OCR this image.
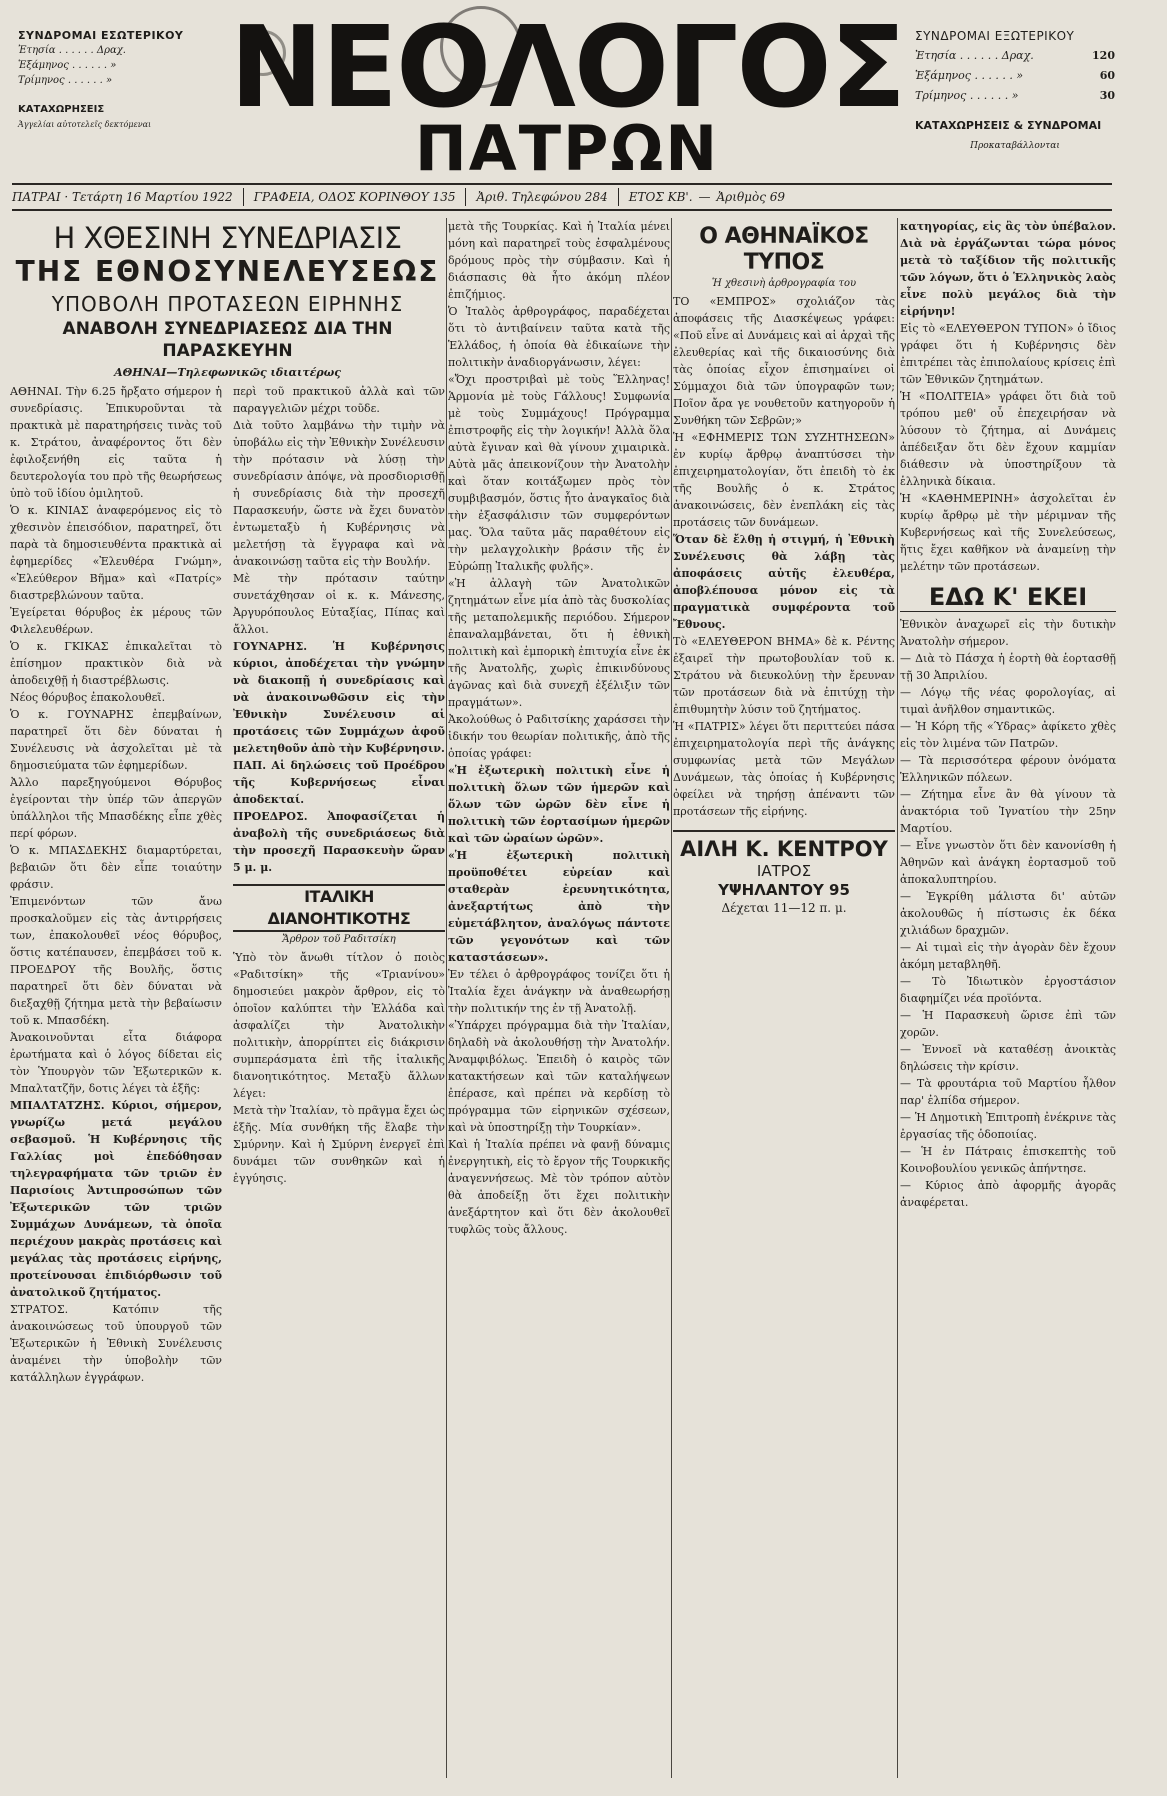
ΣΥΝΔΡΟΜΑΙ ΕΣΩΤΕΡΙΚΟΥ
Ἐτησία . . . . . . Δραχ.
Ἑξάμηνος . . . . . . »
Τρίμηνος . . . . . . »
ΚΑΤΑΧΩΡΗΣΕΙΣ
Ἀγγελίαι αὐτοτελεῖς δεκτόμεναι ΝΕΟΛΟΓΟΣ
ΠΑΤΡΩΝ
ΣΥΝΔΡΟΜΑΙ ΕΞΩΤΕΡΙΚΟΥ
Ἐτησία . . . . . . Δραχ.	120
Ἑξάμηνος . . . . . . »	60
Τρίμηνος . . . . . . »	30
ΚΑΤΑΧΩΡΗΣΕΙΣ & ΣΥΝΔΡΟΜΑΙ
Προκαταβάλλονται
ΠΑΤΡΑΙ · Τετάρτη 16 Μαρτίου 1922 ΓΡΑΦΕΙΑ, ΟΔΟΣ ΚΟΡΙΝΘΟΥ 135 Ἀριθ. Τηλεφώνου 284 ΕΤΟΣ ΚΒ'. — Ἀριθμὸς 69
Η ΧΘΕΣΙΝΗ ΣΥΝΕΔΡΙΑΣΙΣ
ΤΗΣ ΕΘΝΟΣΥΝΕΛΕΥΣΕΩΣ
ΥΠΟΒΟΛΗ ΠΡΟΤΑΣΕΩΝ ΕΙΡΗΝΗΣ
ΑΝΑΒΟΛΗ ΣΥΝΕΔΡΙΑΣΕΩΣ ΔΙΑ ΤΗΝ ΠΑΡΑΣΚΕΥΗΝ
ΑΘΗΝΑΙ—Τηλεφωνικῶς ιδιαιτέρως

ΑΘΗΝΑΙ. Τὴν 6.25 ἤρξατο σήμερον ἡ συνεδρίασις. Ἐπικυροῦνται τὰ πρακτικὰ μὲ παρατηρήσεις τινὰς τοῦ κ. Στράτου, ἀναφέροντος ὅτι δὲν ἐφιλοξενήθη εἰς ταῦτα ἡ δευτερολογία του πρὸ τῆς θεωρήσεως ὑπὸ τοῦ ἰδίου ὁμιλητοῦ.

Ὁ κ. ΚΙΝΙΑΣ ἀναφερόμενος εἰς τὸ χθεσινὸν ἐπεισόδιον, παρατηρεῖ, ὅτι παρὰ τὰ δημοσιευθέντα πρακτικὰ αἱ ἐφημερίδες «Ἐλευθέρα Γνώμη», «Ἐλεύθερον Βῆμα» καὶ «Πατρίς» διαστρεβλώνουν ταῦτα.

Ἐγείρεται θόρυβος ἐκ μέρους τῶν Φιλελευθέρων.

Ὁ κ. ΓΚΙΚΑΣ ἐπικαλεῖται τὸ ἐπίσημον πρακτικὸν διὰ νὰ ἀποδειχθῇ ἡ διαστρέβλωσις.

Νέος θόρυβος ἐπακολουθεῖ.

Ὁ κ. ΓΟΥΝΑΡΗΣ ἐπεμβαίνων, παρατηρεῖ ὅτι δὲν δύναται ἡ Συνέλευσις νὰ ἀσχολεῖται μὲ τὰ δημοσιεύματα τῶν ἐφημερίδων.

Ἀλλο παρεξηγούμενοι Θόρυβος ἐγείρονται τὴν ὑπέρ τῶν ἀπεργῶν ὑπάλληλοι τῆς Μπασδέκης εἶπε χθὲς περί φόρων.

Ὁ κ. ΜΠΑΣΔΕΚΗΣ διαμαρτύρεται, βεβαιῶν ὅτι δὲν εἶπε τοιαύτην φράσιν.

Ἐπιμενόντων τῶν ἄνω προσκαλοῦμεν εἰς τὰς ἀντιρρήσεις των, ἐπακολουθεῖ νέος θόρυβος, ὅστις κατέπαυσεν, ἐπεμβάσει τοῦ κ. ΠΡΟΕΔΡΟΥ τῆς Βουλῆς, ὅστις παρατηρεῖ ὅτι δὲν δύναται νὰ διεξαχθῇ ζήτημα μετὰ τὴν βεβαίωσιν τοῦ κ. Μπασδέκη.

Ἀνακοινοῦνται εἶτα διάφορα ἐρωτήματα καὶ ὁ λόγος δίδεται εἰς τὸν Ὑπουργὸν τῶν Ἐξωτερικῶν κ. Μπαλτατζῆν, δοτις λέγει τὰ ἑξῆς:

ΜΠΑΛΤΑΤΖΗΣ. Κύριοι, σήμερον, γνωρίζω μετά μεγάλου σεβασμοῦ. Ἡ Κυβέρνησις τῆς Γαλλίας μοὶ ἐπεδόθησαν τηλεγραφήματα τῶν τριῶν ἐν Παρισίοις Ἀντιπροσώπων τῶν Ἐξωτερικῶν τῶν τριῶν Συμμάχων Δυνάμεων, τὰ ὁποῖα περιέχουν μακρὰς προτάσεις καὶ μεγάλας τὰς προτάσεις εἰρήνης, προτείνουσαι ἐπιδιόρθωσιν τοῦ ἀνατολικοῦ ζητήματος.

ΣΤΡΑΤΟΣ. Κατόπιν τῆς ἀνακοινώσεως τοῦ ὑπουργοῦ τῶν Ἐξωτερικῶν ἡ Ἐθνικὴ Συνέλευσις ἀναμένει τὴν ὑποβολὴν τῶν κατάλληλων ἐγγράφων.

περὶ τοῦ πρακτικοῦ ἀλλὰ καὶ τῶν παραγγελιῶν μέχρι τοῦδε.

Διὰ τοῦτο λαμβάνω τὴν τιμὴν νὰ ὑποβάλω εἰς τὴν Ἐθνικὴν Συνέλευσιν τὴν πρότασιν νὰ λύσῃ τὴν συνεδρίασιν ἀπόψε, νὰ προσδιορισθῇ ἡ συνεδρίασις διὰ τὴν προσεχῆ Παρασκευήν, ὥστε νὰ ἔχει δυνατὸν ἐντωμεταξὺ ἡ Κυβέρνησις νὰ μελετήσῃ τὰ ἔγγραφα καὶ νὰ ἀνακοινώσῃ ταῦτα εἰς τὴν Βουλήν.

Μὲ τὴν πρότασιν ταύτην συνετάχθησαν οἱ κ. κ. Μάνεσης, Ἀργυρόπουλος Εὐταξίας, Πίπας καὶ ἄλλοι.

ΓΟΥΝΑΡΗΣ. Ἡ Κυβέρνησις κύριοι, ἀποδέχεται τὴν γνώμην νὰ διακοπῇ ἡ συνεδρίασις καὶ νὰ ἀνακοινωθῶσιν εἰς τὴν Ἐθνικὴν Συνέλευσιν αἱ προτάσεις τῶν Συμμάχων ἀφοῦ μελετηθοῦν ἀπὸ τὴν Κυβέρνησιν.

ΠΑΠ. Αἱ δηλώσεις τοῦ Προέδρου τῆς Κυβερνήσεως εἶναι ἀποδεκταί.

ΠΡΟΕΔΡΟΣ. Ἀποφασίζεται ἡ ἀναβολὴ τῆς συνεδριάσεως διὰ τὴν προσεχῆ Παρασκευὴν ὥραν 5 μ. μ.

ΙΤΑΛΙΚΗ ΔΙΑΝΟΗΤΙΚΟΤΗΣ
Ἄρθρον τοῦ Ραδιτσίκη

Ὑπὸ τὸν ἄνωθι τίτλον ὁ ποιὸς «Ραδιτσίκη» τῆς «Τριανίνου» δημοσιεύει μακρὸν ἄρθρον, εἰς τὸ ὁποῖον καλύπτει τὴν Ἑλλάδα καὶ ἀσφαλίζει τὴν Ἀνατολικὴν πολιτικὴν, ἀπορρίπτει εἰς διάκρισιν συμπεράσματα ἐπὶ τῆς ἰταλικῆς διανοητικότητος. Μεταξὺ ἄλλων λέγει:

Μετὰ τὴν Ἰταλίαν, τὸ πρᾶγμα ἔχει ὡς ἑξῆς. Μία συνθήκη τῆς ἔλαβε τὴν Σμύρνην. Καὶ ἡ Σμύρνη ἐνεργεῖ ἐπὶ δυνάμει τῶν συνθηκῶν καὶ ἡ ἐγγύησις.

μετὰ τῆς Τουρκίας. Καὶ ἡ Ἰταλία μένει μόνη καὶ παρατηρεῖ τοὺς ἐσφαλμένους δρόμους πρὸς τὴν σύμβασιν. Καὶ ἡ διάσπασις θὰ ἦτο ἀκόμη πλέον ἐπιζήμιος.

Ὁ Ἰταλὸς ἀρθρογράφος, παραδέχεται ὅτι τὸ ἀντιβαίνειν ταῦτα κατὰ τῆς Ἑλλάδος, ἡ ὁποία θὰ ἐδικαίωνε τὴν πολιτικὴν ἀναδιοργάνωσιν, λέγει:

«Ὄχι προστριβαὶ μὲ τοὺς Ἕλληνας! Ἁρμονία μὲ τοὺς Γάλλους! Συμφωνία μὲ τοὺς Συμμάχους! Πρόγραμμα ἐπιστροφῆς εἰς τὴν λογικήν! Ἀλλὰ ὅλα αὐτὰ ἔγιναν καὶ θὰ γίνουν χιμαιρικὰ. Αὐτὰ μᾶς ἀπεικονίζουν τὴν Ἀνατολὴν καὶ ὅταν κοιτάξωμεν πρὸς τὸν συμβιβασμόν, ὅστις ἦτο ἀναγκαῖος διὰ τὴν ἐξασφάλισιν τῶν συμφερόντων μας. Ὅλα ταῦτα μᾶς παραθέτουν εἰς τὴν μελαγχολικὴν βράσιν τῆς ἐν Εὐρώπῃ Ἰταλικῆς φυλῆς».

«Ἡ ἀλλαγὴ τῶν Ἀνατολικῶν ζητημάτων εἶνε μία ἀπὸ τὰς δυσκολίας τῆς μεταπολεμικῆς περιόδου. Σήμερον ἐπαναλαμβάνεται, ὅτι ἡ ἐθνικὴ πολιτικὴ καὶ ἐμπορικὴ ἐπιτυχία εἶνε ἐκ τῆς Ἀνατολῆς, χωρὶς ἐπικινδύνους ἀγῶνας καὶ διὰ συνεχῆ ἐξέλιξιν τῶν πραγμάτων».

Ἀκολούθως ὁ Ραδιτσίκης χαράσσει τὴν ἰδικήν του θεωρίαν πολιτικῆς, ἀπὸ τῆς ὁποίας γράφει:

«Ἡ ἐξωτερικὴ πολιτικὴ εἶνε ἡ πολιτικὴ ὅλων τῶν ἡμερῶν καὶ ὅλων τῶν ὡρῶν δὲν εἶνε ἡ πολιτικὴ τῶν ἑορτασίμων ἡμερῶν καὶ τῶν ὡραίων ὡρῶν».

«Ἡ ἐξωτερικὴ πολιτικὴ προϋποθέτει εὐρείαν καὶ σταθερὰν ἐρευνητικότητα, ἀνεξαρτήτως ἀπὸ τὴν εὐμετάβλητον, ἀναλόγως πάντοτε τῶν γεγονότων καὶ τῶν καταστάσεων».

Ἐν τέλει ὁ ἀρθρογράφος τονίζει ὅτι ἡ Ἰταλία ἔχει ἀνάγκην νὰ ἀναθεωρήσῃ τὴν πολιτικήν της ἐν τῇ Ἀνατολῇ.

«Ὑπάρχει πρόγραμμα διὰ τὴν Ἰταλίαν, δηλαδὴ νὰ ἀκολουθήσῃ τὴν Ἀνατολήν. Ἀναμφιβόλως. Ἐπειδὴ ὁ καιρὸς τῶν κατακτήσεων καὶ τῶν καταλήψεων ἐπέρασε, καὶ πρέπει νὰ κερδίσῃ τὸ πρόγραμμα τῶν εἰρηνικῶν σχέσεων, καὶ νὰ ὑποστηρίξῃ τὴν Τουρκίαν».

Καὶ ἡ Ἰταλία πρέπει νὰ φανῇ δύναμις ἐνεργητικὴ, εἰς τὸ ἔργον τῆς Τουρκικῆς ἀναγεννήσεως. Μὲ τὸν τρόπον αὐτὸν θὰ ἀποδείξῃ ὅτι ἔχει πολιτικὴν ἀνεξάρτητον καὶ ὅτι δὲν ἀκολουθεῖ τυφλῶς τοὺς ἄλλους.

Ο ΑΘΗΝΑΪΚΟΣ ΤΥΠΟΣ
Ἡ χθεσινὴ ἀρθρογραφία του

ΤΟ «ΕΜΠΡΟΣ» σχολιάζον τὰς ἀποφάσεις τῆς Διασκέψεως γράφει: «Ποῦ εἶνε αἱ Δυνάμεις καὶ αἱ ἀρχαὶ τῆς ἐλευθερίας καὶ τῆς δικαιοσύνης διὰ τὰς ὁποίας εἶχον ἐπισημαίνει οἱ Σύμμαχοι διὰ τῶν ὑπογραφῶν των; Ποῖον ἄρα γε νουθετοῦν κατηγοροῦν ἡ Συνθήκη τῶν Σεβρῶν;»

Ἡ «ΕΦΗΜΕΡΙΣ ΤΩΝ ΣΥΖΗΤΗΣΕΩΝ» ἐν κυρίῳ ἄρθρῳ ἀναπτύσσει τὴν ἐπιχειρηματολογίαν, ὅτι ἐπειδὴ τὸ ἐκ τῆς Βουλῆς ὁ κ. Στράτος ἀνακοινώσεις, δὲν ἐνεπλάκη εἰς τὰς προτάσεις τῶν δυνάμεων.

Ὅταν δὲ ἔλθῃ ἡ στιγμή, ἡ Ἐθνικὴ Συνέλευσις θὰ λάβῃ τὰς ἀποφάσεις αὐτῆς ἐλευθέρα, ἀποβλέπουσα μόνον εἰς τὰ πραγματικὰ συμφέροντα τοῦ Ἔθνους.

Τὸ «ΕΛΕΥΘΕΡΟΝ ΒΗΜΑ» δὲ κ. Ρέντης ἐξαιρεῖ τὴν πρωτοβουλίαν τοῦ κ. Στράτου νὰ διευκολύνῃ τὴν ἔρευναν τῶν προτάσεων διὰ νὰ ἐπιτύχῃ τὴν ἐπιθυμητὴν λύσιν τοῦ ζητήματος.

Ἡ «ΠΑΤΡΙΣ» λέγει ὅτι περιττεύει πάσα ἐπιχειρηματολογία περὶ τῆς ἀνάγκης συμφωνίας μετὰ τῶν Μεγάλων Δυνάμεων, τὰς ὁποίας ἡ Κυβέρνησις ὀφείλει νὰ τηρήσῃ ἀπέναντι τῶν προτάσεων τῆς εἰρήνης.

ΑΙΛΗ Κ. ΚΕΝΤΡΟΥ
ΙΑΤΡΟΣ
ΥΨΗΛΑΝΤΟΥ 95
Δέχεται 11—12 π. μ.

κατηγορίας, εἰς ἃς τὸν ὑπέβαλον. Διὰ νὰ ἐργάζωνται τώρα μόνος μετὰ τὸ ταξίδιον τῆς πολιτικῆς τῶν λόγων, ὅτι ὁ Ἑλληνικὸς λαὸς εἶνε πολὺ μεγάλος διὰ τὴν εἰρήνην!

Εἰς τὸ «ΕΛΕΥΘΕΡΟΝ ΤΥΠΟΝ» ὁ ἴδιος γράφει ὅτι ἡ Κυβέρνησις δὲν ἐπιτρέπει τὰς ἐπιπολαίους κρίσεις ἐπὶ τῶν Ἐθνικῶν ζητημάτων.

Ἡ «ΠΟΛΙΤΕΙΑ» γράφει ὅτι διὰ τοῦ τρόπου μεθ' οὗ ἐπεχειρήσαν νὰ λύσουν τὸ ζήτημα, αἱ Δυνάμεις ἀπέδειξαν ὅτι δὲν ἔχουν καμμίαν διάθεσιν νὰ ὑποστηρίξουν τὰ ἑλληνικὰ δίκαια.

Ἡ «ΚΑΘΗΜΕΡΙΝΗ» ἀσχολεῖται ἐν κυρίῳ ἄρθρῳ μὲ τὴν μέριμναν τῆς Κυβερνήσεως καὶ τῆς Συνελεύσεως, ἥτις ἔχει καθῆκον νὰ ἀναμείνῃ τὴν μελέτην τῶν προτάσεων.

ΕΔΩ Κ' ΕΚΕΙ

Ἐθνικὸν ἀναχωρεῖ εἰς τὴν δυτικὴν Ἀνατολὴν σήμερον.

— Διὰ τὸ Πάσχα ἡ ἑορτὴ θὰ ἑορτασθῇ τῇ 30 Ἀπριλίου.

— Λόγῳ τῆς νέας φορολογίας, αἱ τιμαὶ ἀνῆλθον σημαντικῶς.

— Ἡ Κόρη τῆς «Ύδρας» ἀφίκετο χθὲς εἰς τὸν λιμένα τῶν Πατρῶν.

— Τὰ περισσότερα φέρουν ὀνόματα Ἑλληνικῶν πόλεων.

— Ζήτημα εἶνε ἂν θὰ γίνουν τὰ ἀνακτόρια τοῦ Ἰγνατίου τὴν 25ην Μαρτίου.

— Εἶνε γνωστὸν ὅτι δὲν κανονίσθη ἡ Ἀθηνῶν καὶ ἀνάγκη ἐορτασμοῦ τοῦ ἀποκαλυπτηρίου.

— Ἐγκρίθη μάλιστα δι' αὐτῶν ἀκολουθῶς ἡ πίστωσις ἐκ δέκα χιλιάδων δραχμῶν.

— Αἱ τιμαὶ εἰς τὴν ἀγορὰν δὲν ἔχουν ἀκόμη μεταβληθῆ.

— Τὸ Ἰδιωτικὸν ἐργοστάσιον διαφημίζει νέα προϊόντα.

— Ἡ Παρασκευὴ ὥρισε ἐπὶ τῶν χορῶν.

— Ἐννοεῖ νὰ καταθέσῃ ἀνοικτὰς δηλώσεις τὴν κρίσιν.

— Τὰ φρουτάρια τοῦ Μαρτίου ἦλθον παρ' ἐλπίδα σήμερον.

— Ἡ Δημοτικὴ Ἐπιτροπὴ ἐνέκρινε τὰς ἐργασίας τῆς ὁδοποιίας.

— Ἡ ἐν Πάτραις ἐπισκεπτὴς τοῦ Κοινοβουλίου γενικῶς ἀπήντησε.

— Κύριος ἀπὸ ἀφορμῆς ἀγορᾶς ἀναφέρεται.
